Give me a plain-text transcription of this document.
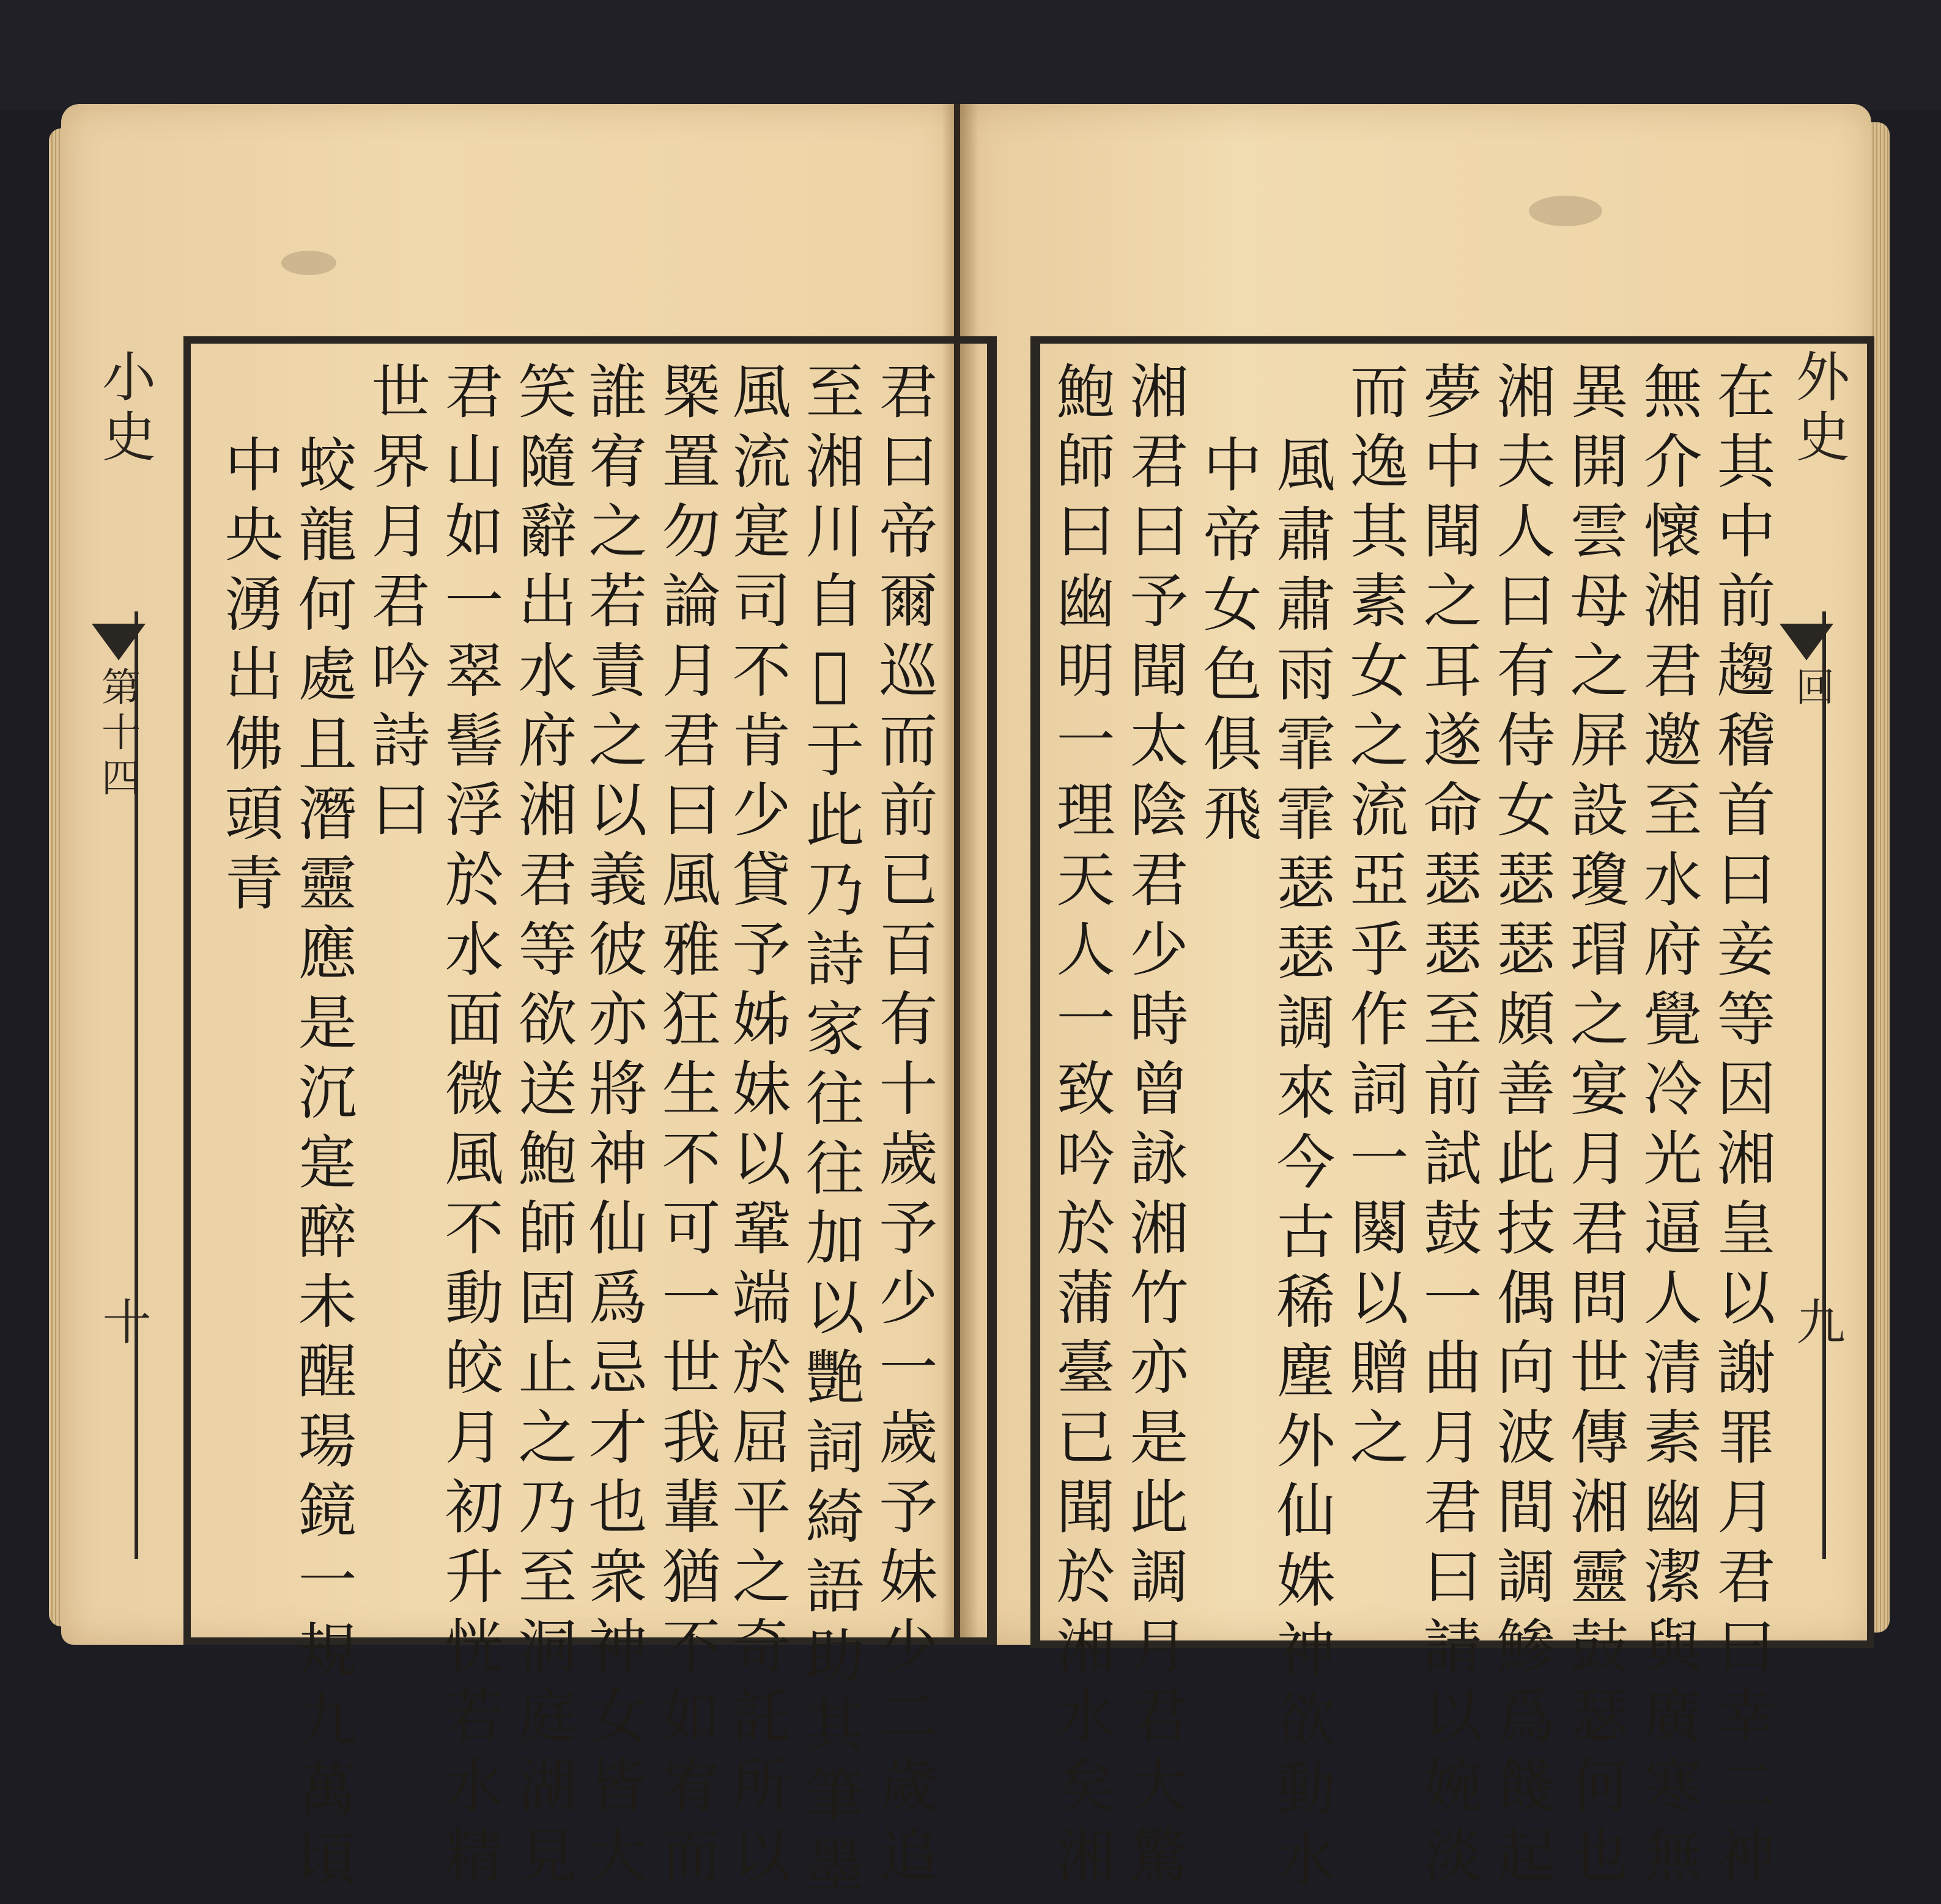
小史
第十四
十	君曰帝爾巡而前已百有十歲予少一歲予妹少二歲追
至湘川自𣲖于此乃詩家往往加以艷詞綺語助其筆墨
風流寔司不肯少貸予姊妹以鞏端於屈平之奇託所以
槩置勿論月君曰風雅狂生不可一世我輩猶不如宥而
誰宥之若責之以義彼亦將神仙爲忌才也衆神女皆大
笑隨辭出水府湘君等欲送鮑師固止之乃至洞庭湖見
君山如一翠髻浮於水面微風不動皎月初升恍若水精
世界月君吟詩曰
蛟龍何處且潛靈應是沉寔醉未醒瑒鏡一規九萬頃
中央湧出佛頭青
外史
回
九
在其中前趨稽首曰妾等因湘皇以謝罪月君曰幸二神
無介懷湘君邀至水府覺冷光逼人清素幽潔與廣寒無
異開雲母之屏設瓊瑁之宴月君問世傳湘靈鼓瑟何也
湘夫人曰有侍女瑟瑟頗善此技偶向波間調鯵爲餞起
夢中聞之耳遂命瑟瑟至前試鼓一曲月君曰請以婉淡
而逸其素女之流亞乎作詞一闋以贈之
風肅肅雨霏霏瑟瑟調來今古稀塵外仙姝神欲動水
中帝女色俱飛
湘君曰予聞太陰君少時曾詠湘竹亦是此調月君大驚
鮑師曰幽明一理天人一致吟於蒲臺已聞於湘水矣湘
